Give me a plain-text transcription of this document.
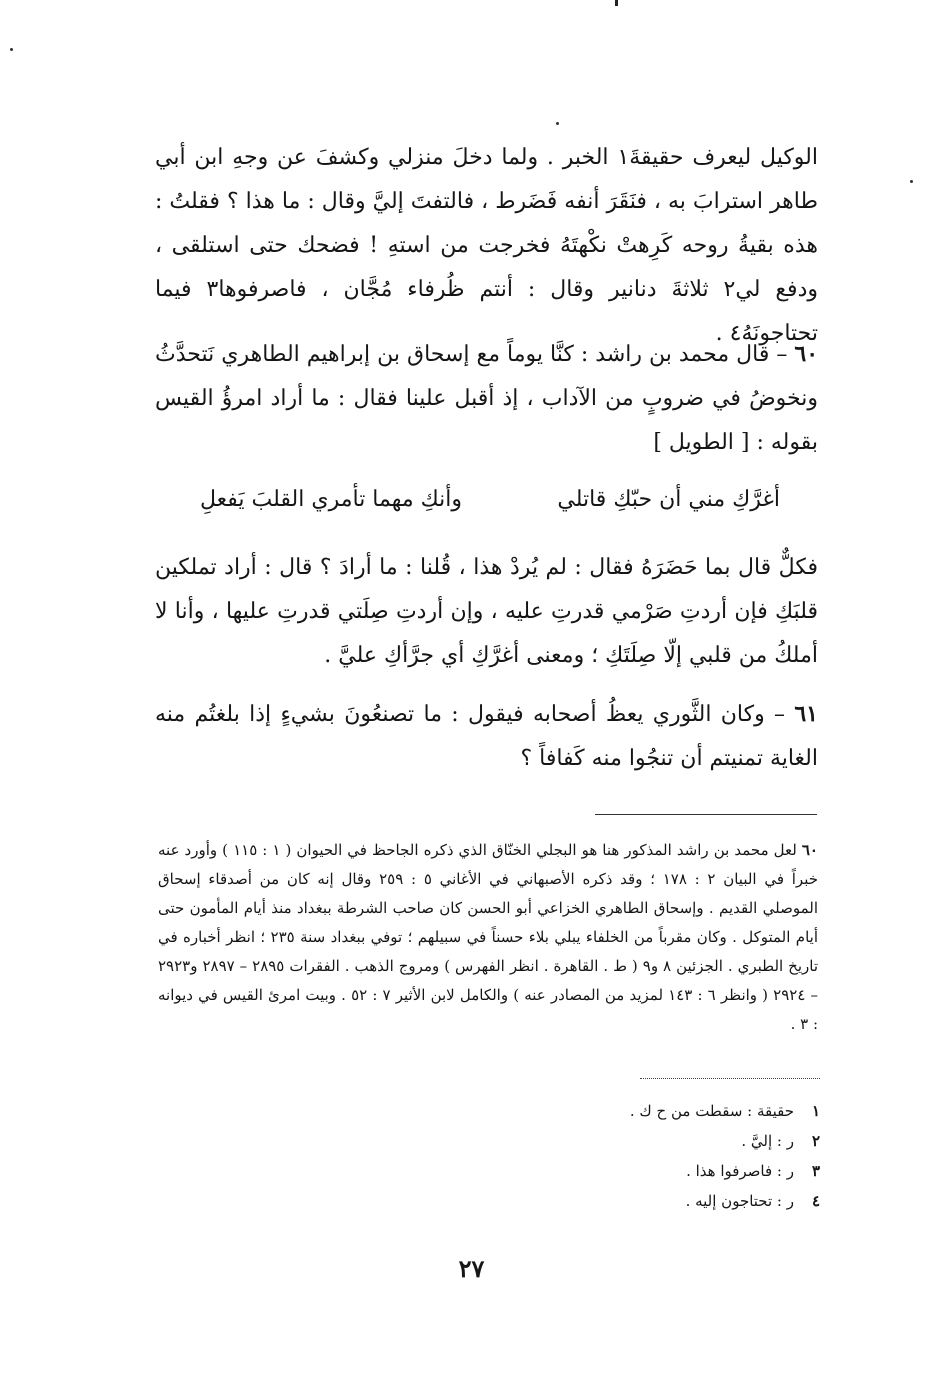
الوكيل ليعرف حقيقةَ١ الخبر . ولما دخلَ منزلي وكشفَ عن وجهِ ابن أبي طاهر استرابَ به ، فنَقَرَ أنفه فَضَرط ، فالتفتَ إليَّ وقال : ما هذا ؟ فقلتُ : هذه بقيةُ روحه كَرِهتْ نكْهتَهُ فخرجت من استهِ ! فضحك حتى استلقى ، ودفع لي٢ ثلاثةَ دنانير وقال : أنتم ظُرفاء مُجَّان ، فاصرفوها٣ فيما تحتاجونَهُ٤ .

٦٠ – قال محمد بن راشد : كنَّا يوماً مع إسحاق بن إبراهيم الطاهري نَتحدَّثُ ونخوضُ في ضروبٍ من الآداب ، إذ أقبل علينا فقال : ما أراد امرؤُ القيس بقوله : [ الطويل ]

أغرَّكِ مني أن حبّكِ قاتلي
وأنكِ مهما تأمري القلبَ يَفعلِ

فكلٌّ قال بما حَضَرَهُ فقال : لم يُردْ هذا ، قُلنا : ما أرادَ ؟ قال : أراد تملكين قلبَكِ فإن أردتِ صَرْمي قدرتِ عليه ، وإن أردتِ صِلَتي قدرتِ عليها ، وأنا لا أملكُ من قلبي إلّا صِلَتَكِ ؛ ومعنى أغرَّكِ أي جرَّأكِ عليَّ .

٦١ – وكان الثَّوري يعظُ أصحابه فيقول : ما تصنعُونَ بشيءٍ إذا بلغتُم منه الغاية تمنيتم أن تنجُوا منه كَفافاً ؟

٦٠ لعل محمد بن راشد المذكور هنا هو البجلي الخنّاق الذي ذكره الجاحظ في الحيوان ( ١ : ١١٥ ) وأورد عنه خبراً في البيان ٢ : ١٧٨ ؛ وقد ذكره الأصبهاني في الأغاني ٥ : ٢٥٩ وقال إنه كان من أصدقاء إسحاق الموصلي القديم . وإسحاق الطاهري الخزاعي أبو الحسن كان صاحب الشرطة ببغداد منذ أيام المأمون حتى أيام المتوكل . وكان مقرباً من الخلفاء يبلي بلاء حسناً في سبيلهم ؛ توفي ببغداد سنة ٢٣٥ ؛ انظر أخباره في تاريخ الطبري . الجزئين ٨ و٩ ( ط . القاهرة . انظر الفهرس ) ومروج الذهب . الفقرات ٢٨٩٥ – ٢٨٩٧ و٢٩٢٣ – ٢٩٢٤ ( وانظر ٦ : ١٤٣ لمزيد من المصادر عنه ) والكامل لابن الأثير ٧ : ٥٢ . وبيت امرئ القيس في ديوانه : ٣ .
١
حقيقة : سقطت من ح ك .
٢
ر : إليَّ .
٣
ر : فاصرفوا هذا .
٤
ر : تحتاجون إليه .
٢٧
